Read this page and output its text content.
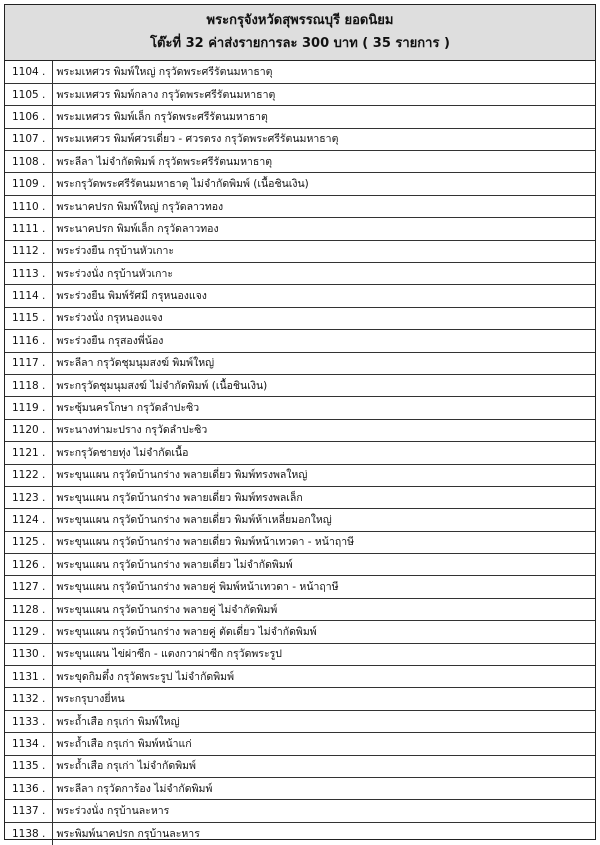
พระกรุจังหวัดสุพรรณบุรี ยอดนิยม
โต๊ะที่ 32 ค่าส่งรายการละ 300 บาท ( 35 รายการ )
1104 .	พระมเหศวร พิมพ์ใหญ่ กรุวัดพระศรีรัตนมหาธาตุ
1105 .	พระมเหศวร พิมพ์กลาง กรุวัดพระศรีรัตนมหาธาตุ
1106 .	พระมเหศวร พิมพ์เล็ก กรุวัดพระศรีรัตนมหาธาตุ
1107 .	พระมเหศวร พิมพ์ศวรเดี่ยว - ศวรตรง กรุวัดพระศรีรัตนมหาธาตุ
1108 .	พระลีลา ไม่จำกัดพิมพ์ กรุวัดพระศรีรัตนมหาธาตุ
1109 .	พระกรุวัดพระศรีรัตนมหาธาตุ ไม่จำกัดพิมพ์ (เนื้อชินเงิน)
1110 .	พระนาคปรก พิมพ์ใหญ่ กรุวัดลาวทอง
1111 .	พระนาคปรก พิมพ์เล็ก กรุวัดลาวทอง
1112 .	พระร่วงยืน กรุบ้านหัวเกาะ
1113 .	พระร่วงนั่ง กรุบ้านหัวเกาะ
1114 .	พระร่วงยืน พิมพ์รัศมี กรุหนองแจง
1115 .	พระร่วงนั่ง กรุหนองแจง
1116 .	พระร่วงยืน กรุสองพี่น้อง
1117 .	พระลีลา กรุวัดชุมนุมสงฆ์ พิมพ์ใหญ่
1118 .	พระกรุวัดชุมนุมสงฆ์ ไม่จำกัดพิมพ์ (เนื้อชินเงิน)
1119 .	พระซุ้มนครโกษา กรุวัดลำปะซิว
1120 .	พระนางท่ามะปราง กรุวัดลำปะซิว
1121 .	พระกรุวัดชายทุ่ง ไม่จำกัดเนื้อ
1122 .	พระขุนแผน กรุวัดบ้านกร่าง พลายเดี่ยว พิมพ์ทรงพลใหญ่
1123 .	พระขุนแผน กรุวัดบ้านกร่าง พลายเดี่ยว พิมพ์ทรงพลเล็ก
1124 .	พระขุนแผน กรุวัดบ้านกร่าง พลายเดี่ยว พิมพ์ห้าเหลี่ยมอกใหญ่
1125 .	พระขุนแผน กรุวัดบ้านกร่าง พลายเดี่ยว พิมพ์หน้าเทวดา - หน้าฤาษี
1126 .	พระขุนแผน กรุวัดบ้านกร่าง พลายเดี่ยว ไม่จำกัดพิมพ์
1127 .	พระขุนแผน กรุวัดบ้านกร่าง พลายคู่ พิมพ์หน้าเทวดา - หน้าฤาษี
1128 .	พระขุนแผน กรุวัดบ้านกร่าง พลายคู่ ไม่จำกัดพิมพ์
1129 .	พระขุนแผน กรุวัดบ้านกร่าง พลายคู่ ตัดเดี่ยว ไม่จำกัดพิมพ์
1130 .	พระขุนแผน ไข่ผ่าซีก - แตงกวาผ่าซีก กรุวัดพระรูป
1131 .	พระขุดกิมตึ๋ง กรุวัดพระรูป ไม่จำกัดพิมพ์
1132 .	พระกรุบางยี่หน
1133 .	พระถ้ำเสือ กรุเก่า พิมพ์ใหญ่
1134 .	พระถ้ำเสือ กรุเก่า พิมพ์หน้าแก่
1135 .	พระถ้ำเสือ กรุเก่า ไม่จำกัดพิมพ์
1136 .	พระลีลา กรุวัดการ้อง ไม่จำกัดพิมพ์
1137 .	พระร่วงนั่ง กรุบ้านละหาร
1138 .	พระพิมพ์นาคปรก กรุบ้านละหาร
